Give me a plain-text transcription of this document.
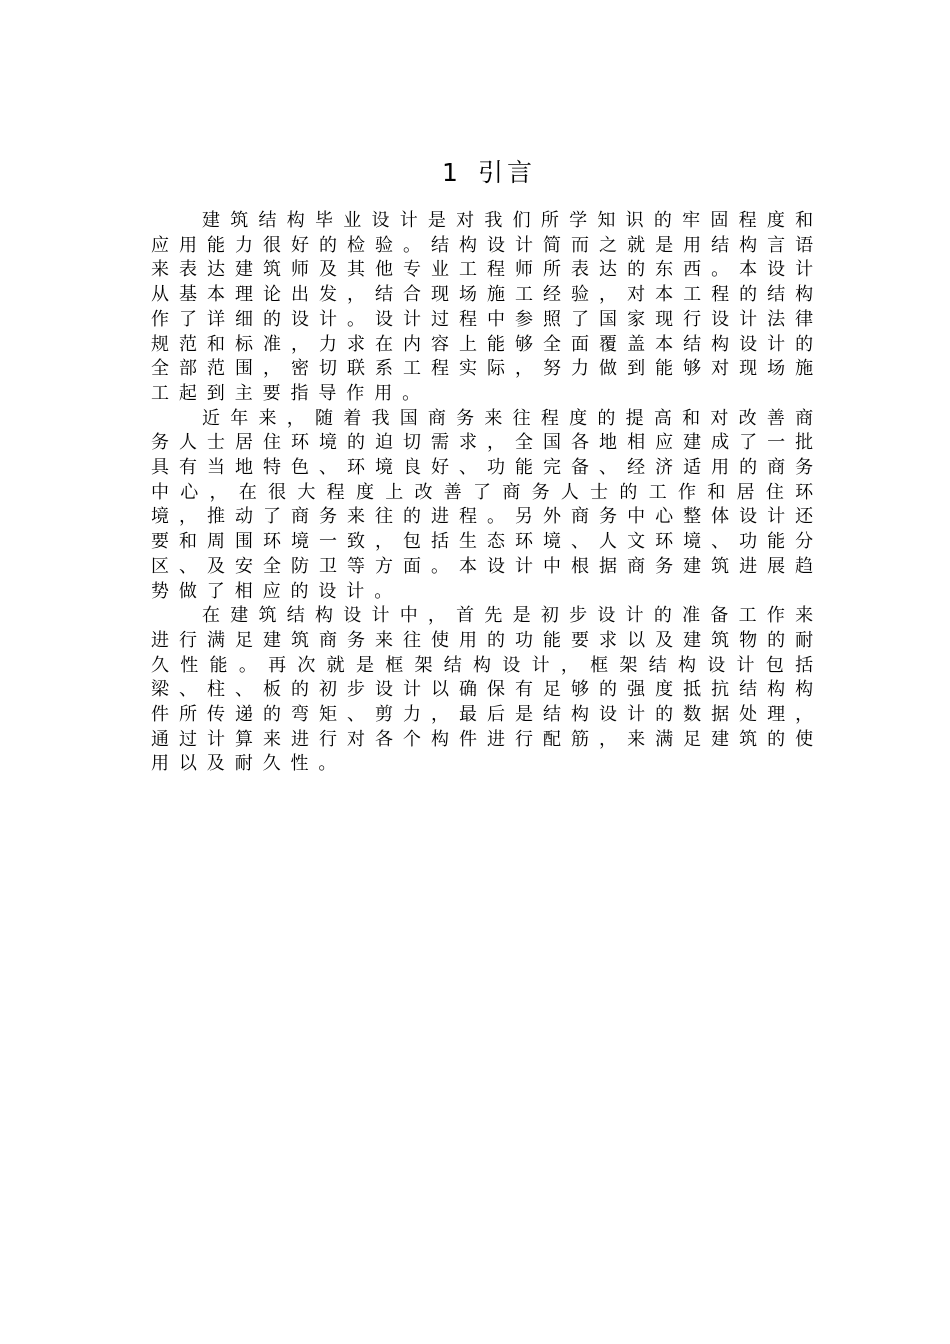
1 引言

建筑结构毕业设计是对我们所学知识的牢固程度和应用能力很好的检验。结构设计简而之就是用结构言语来表达建筑师及其他专业工程师所表达的东西。本设计从基本理论出发，结合现场施工经验，对本工程的结构作了详细的设计。设计过程中参照了国家现行设计法律规范和标准，力求在内容上能够全面覆盖本结构设计的全部范围，密切联系工程实际，努力做到能够对现场施工起到主要指导作用。

近年来，随着我国商务来往程度的提高和对改善商务人士居住环境的迫切需求，全国各地相应建成了一批具有当地特色、环境良好、功能完备、经济适用的商务中心，在很大程度上改善了商务人士的工作和居住环境，推动了商务来往的进程。另外商务中心整体设计还要和周围环境一致，包括生态环境、人文环境、功能分区、及安全防卫等方面。本设计中根据商务建筑进展趋势做了相应的设计。

在建筑结构设计中，首先是初步设计的准备工作来进行满足建筑商务来往使用的功能要求以及建筑物的耐久性能。再次就是框架结构设计，框架结构设计包括梁、柱、板的初步设计以确保有足够的强度抵抗结构构件所传递的弯矩、剪力，最后是结构设计的数据处理，通过计算来进行对各个构件进行配筋，来满足建筑的使用以及耐久性。
